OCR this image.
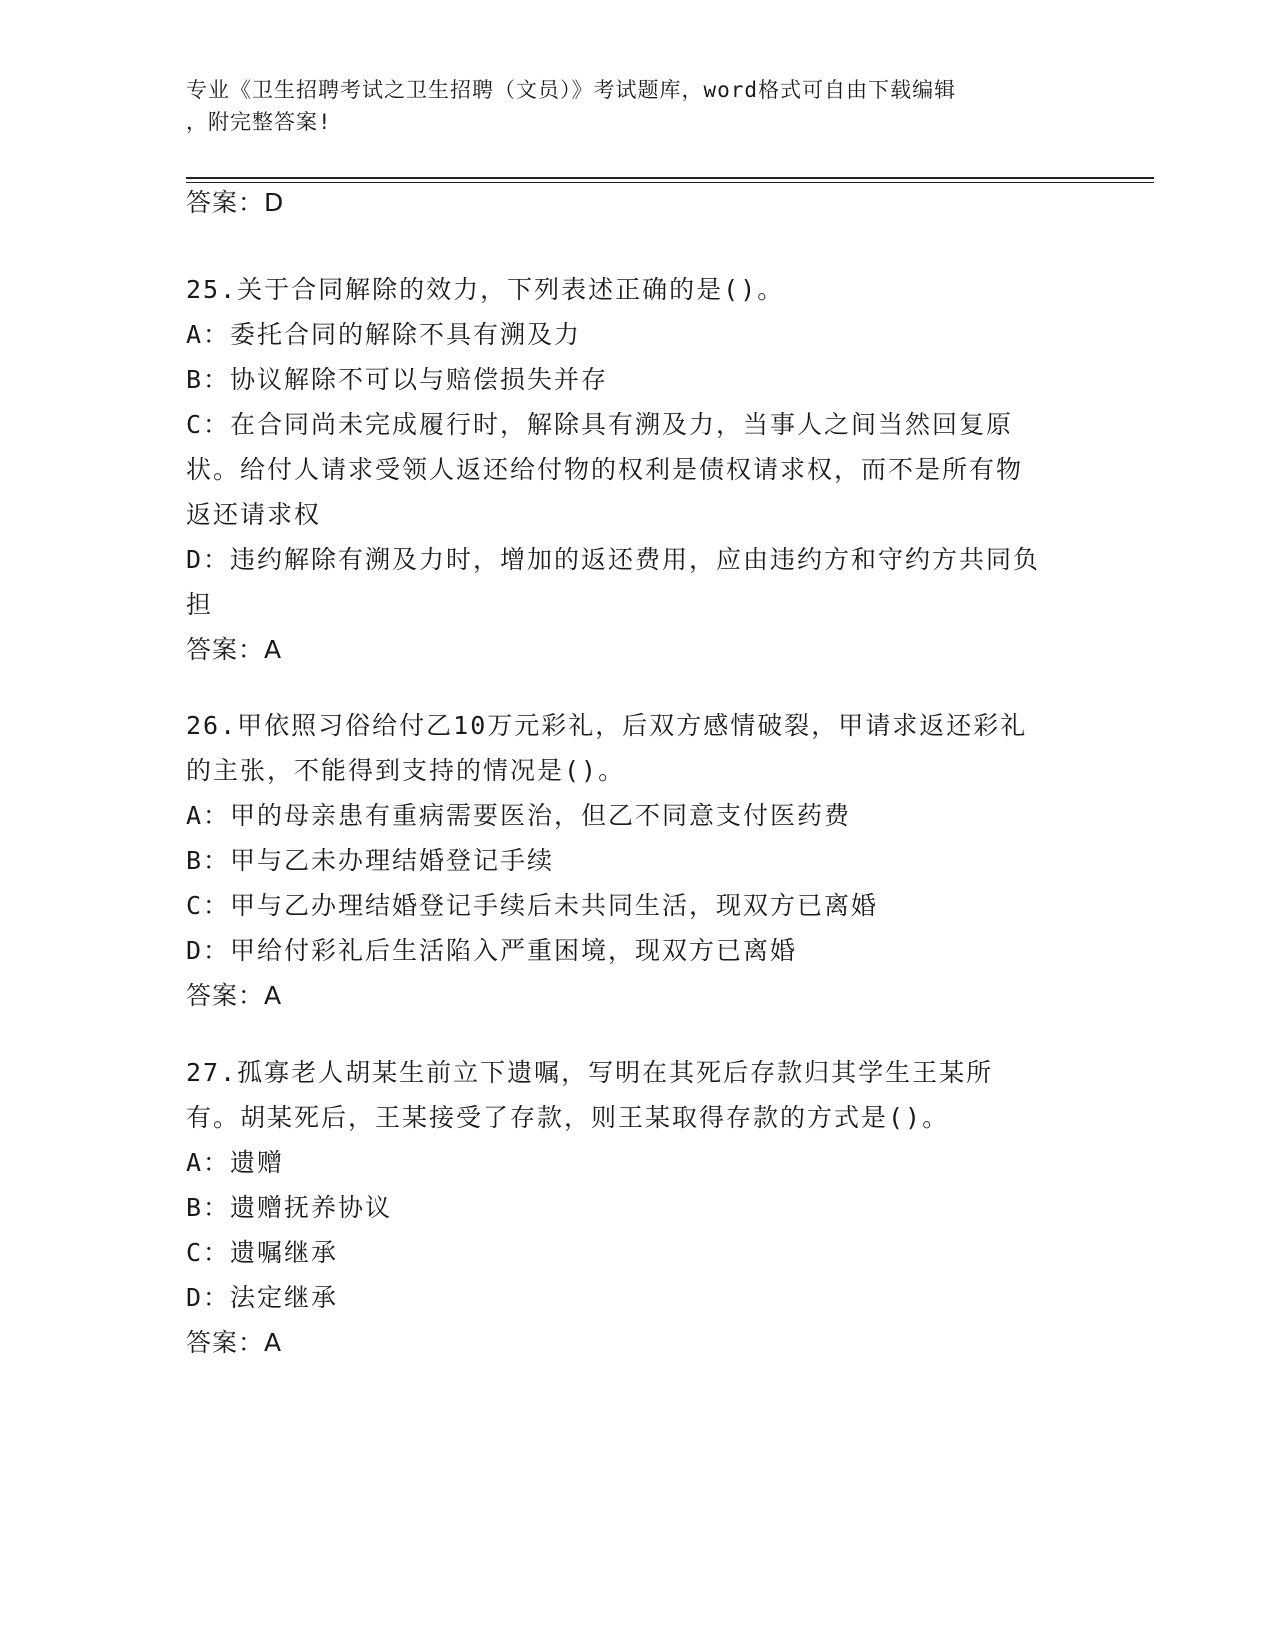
专业《卫生招聘考试之卫生招聘（文员）》考试题库，word格式可自由下载编辑
，附完整答案!

答案：D

25.关于合同解除的效力，下列表述正确的是()。

A：委托合同的解除不具有溯及力

B：协议解除不可以与赔偿损失并存

C：在合同尚未完成履行时，解除具有溯及力，当事人之间当然回复原状。给付人请求受领人返还给付物的权利是债权请求权，而不是所有物返还请求权

D：违约解除有溯及力时，增加的返还费用，应由违约方和守约方共同负担

答案：A

26.甲依照习俗给付乙10万元彩礼，后双方感情破裂，甲请求返还彩礼的主张，不能得到支持的情况是()。

A：甲的母亲患有重病需要医治，但乙不同意支付医药费

B：甲与乙未办理结婚登记手续

C：甲与乙办理结婚登记手续后未共同生活，现双方已离婚

D：甲给付彩礼后生活陷入严重困境，现双方已离婚

答案：A

27.孤寡老人胡某生前立下遗嘱，写明在其死后存款归其学生王某所有。胡某死后，王某接受了存款，则王某取得存款的方式是()。

A：遗赠

B：遗赠抚养协议

C：遗嘱继承

D：法定继承

答案：A
